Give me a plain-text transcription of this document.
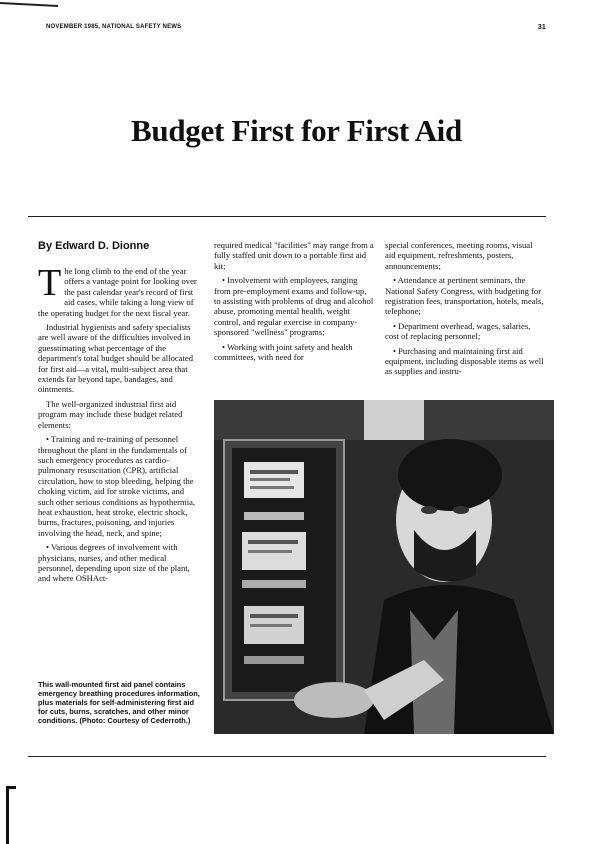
NOVEMBER 1985, NATIONAL SAFETY NEWS	31
Budget First for First Aid
By Edward D. Dionne

The long climb to the end of the year offers a vantage point for looking over the past calendar year's record of first aid cases, while taking a long view of the operating budget for the next fiscal year.

Industrial hygienists and safety specialists are well aware of the difficulties involved in guesstimating what percentage of the department's total budget should be allocated for first aid—a vital, multi-subject area that extends far beyond tape, bandages, and ointments.

The well-organized industrial first aid program may include these budget related elements:

• Training and re-training of personnel throughout the plant in the fundamentals of such emergency procedures as cardio-pulmonary resuscitation (CPR), artificial circulation, how to stop bleeding, helping the choking victim, aid for stroke victims, and such other serious conditions as hypothermia, heat exhaustion, heat stroke, electric shock, burns, fractures, poisoning, and injuries involving the head, neck, and spine;

• Various degrees of involvement with physicians, nurses, and other medical personnel, depending upon size of the plant, and where OSHAct-

This wall-mounted first aid panel contains emergency breathing procedures information, plus materials for self-administering first aid for cuts, burns, scratches, and other minor conditions. (Photo: Courtesy of Cederroth.)

required medical "facilities" may range from a fully staffed unit down to a portable first aid kit;

• Involvement with employees, ranging from pre-employment exams and follow-up, to assisting with problems of drug and alcohol abuse, promoting mental health, weight control, and regular exercise in company-sponsored "wellness" programs;

• Working with joint safety and health committees, with need for

special conferences, meeting rooms, visual aid equipment, refreshments, posters, announcements;

• Attendance at pertinent seminars, the National Safety Congress, with budgeting for registration fees, transportation, hotels, meals, telephone;

• Department overhead, wages, salaries, cost of replacing personnel;

• Purchasing and maintaining first aid equipment, including disposable items as well as supplies and instru-
